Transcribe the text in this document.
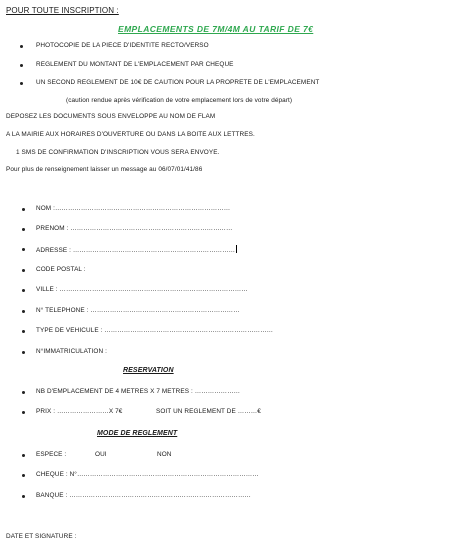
POUR TOUTE INSCRIPTION :
EMPLACEMENTS DE 7M/4M AU TARIF DE 7€
PHOTOCOPIE DE LA PIECE D'IDENTITE RECTO/VERSO
REGLEMENT DU MONTANT DE L'EMPLACEMENT PAR CHEQUE
UN SECOND REGLEMENT DE 10€ DE CAUTION POUR LA PROPRETE DE L'EMPLACEMENT
(caution rendue après vérification de votre emplacement lors de votre départ)
DEPOSEZ LES DOCUMENTS SOUS ENVELOPPE AU NOM DE FLAM
A LA MAIRIE AUX HORAIRES D'OUVERTURE OU DANS LA BOITE AUX LETTRES.
1 SMS DE CONFIRMATION D'INSCRIPTION VOUS SERA ENVOYE.
Pour plus de renseignement laisser un message au 06/07/01/41/86
NOM :………………………………………………………………………
PRENOM : …………………………………………………………………
ADRESSE : …………………………………………………………………
CODE POSTAL :
VILLE : ……………………………………………………………………………
N° TELEPHONE : ……………………………………………………………
TYPE DE VEHICULE : ……………………………………………………………………
N°IMMATRICULATION :
RESERVATION
NB D'EMPLACEMENT DE 4 METRES X 7 METRES : …………………
PRIX : ……………………X 7€	SOIT UN REGLEMENT DE ………€
MODE DE REGLEMENT
ESPECE :	OUI	NON
CHEQUE : N°…………………………………………………………………………
BANQUE : …………………………………………………………………………
DATE ET SIGNATURE :
